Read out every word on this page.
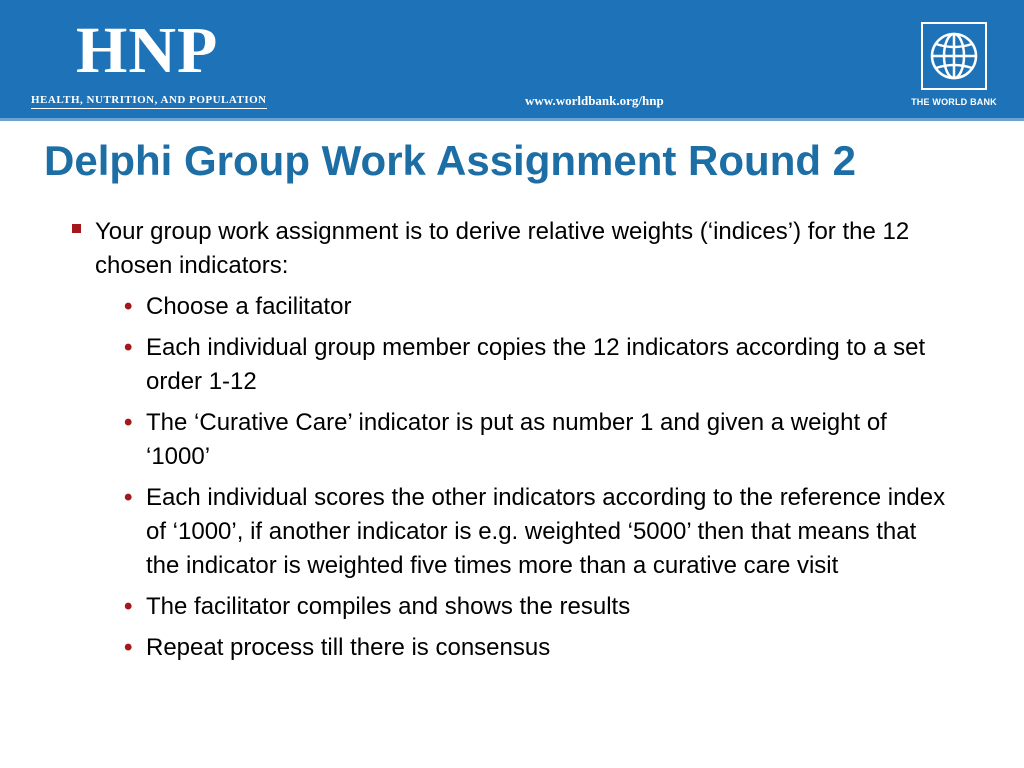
HNP
HEALTH, NUTRITION, AND POPULATION	www.worldbank.org/hnp	THE WORLD BANK
Delphi Group Work Assignment Round 2
Your group work assignment is to derive relative weights (‘indices’) for the 12 chosen indicators:
• Choose a facilitator
• Each individual group member copies the 12 indicators according to a set order 1-12
• The ‘Curative Care’ indicator is put as number 1 and given a weight of ‘1000’
• Each individual scores the other indicators according to the reference index of ‘1000’, if another indicator is e.g. weighted ‘5000’ then that means that the indicator is weighted five times more than a curative care visit
• The facilitator compiles and shows the results
• Repeat process till there is consensus
